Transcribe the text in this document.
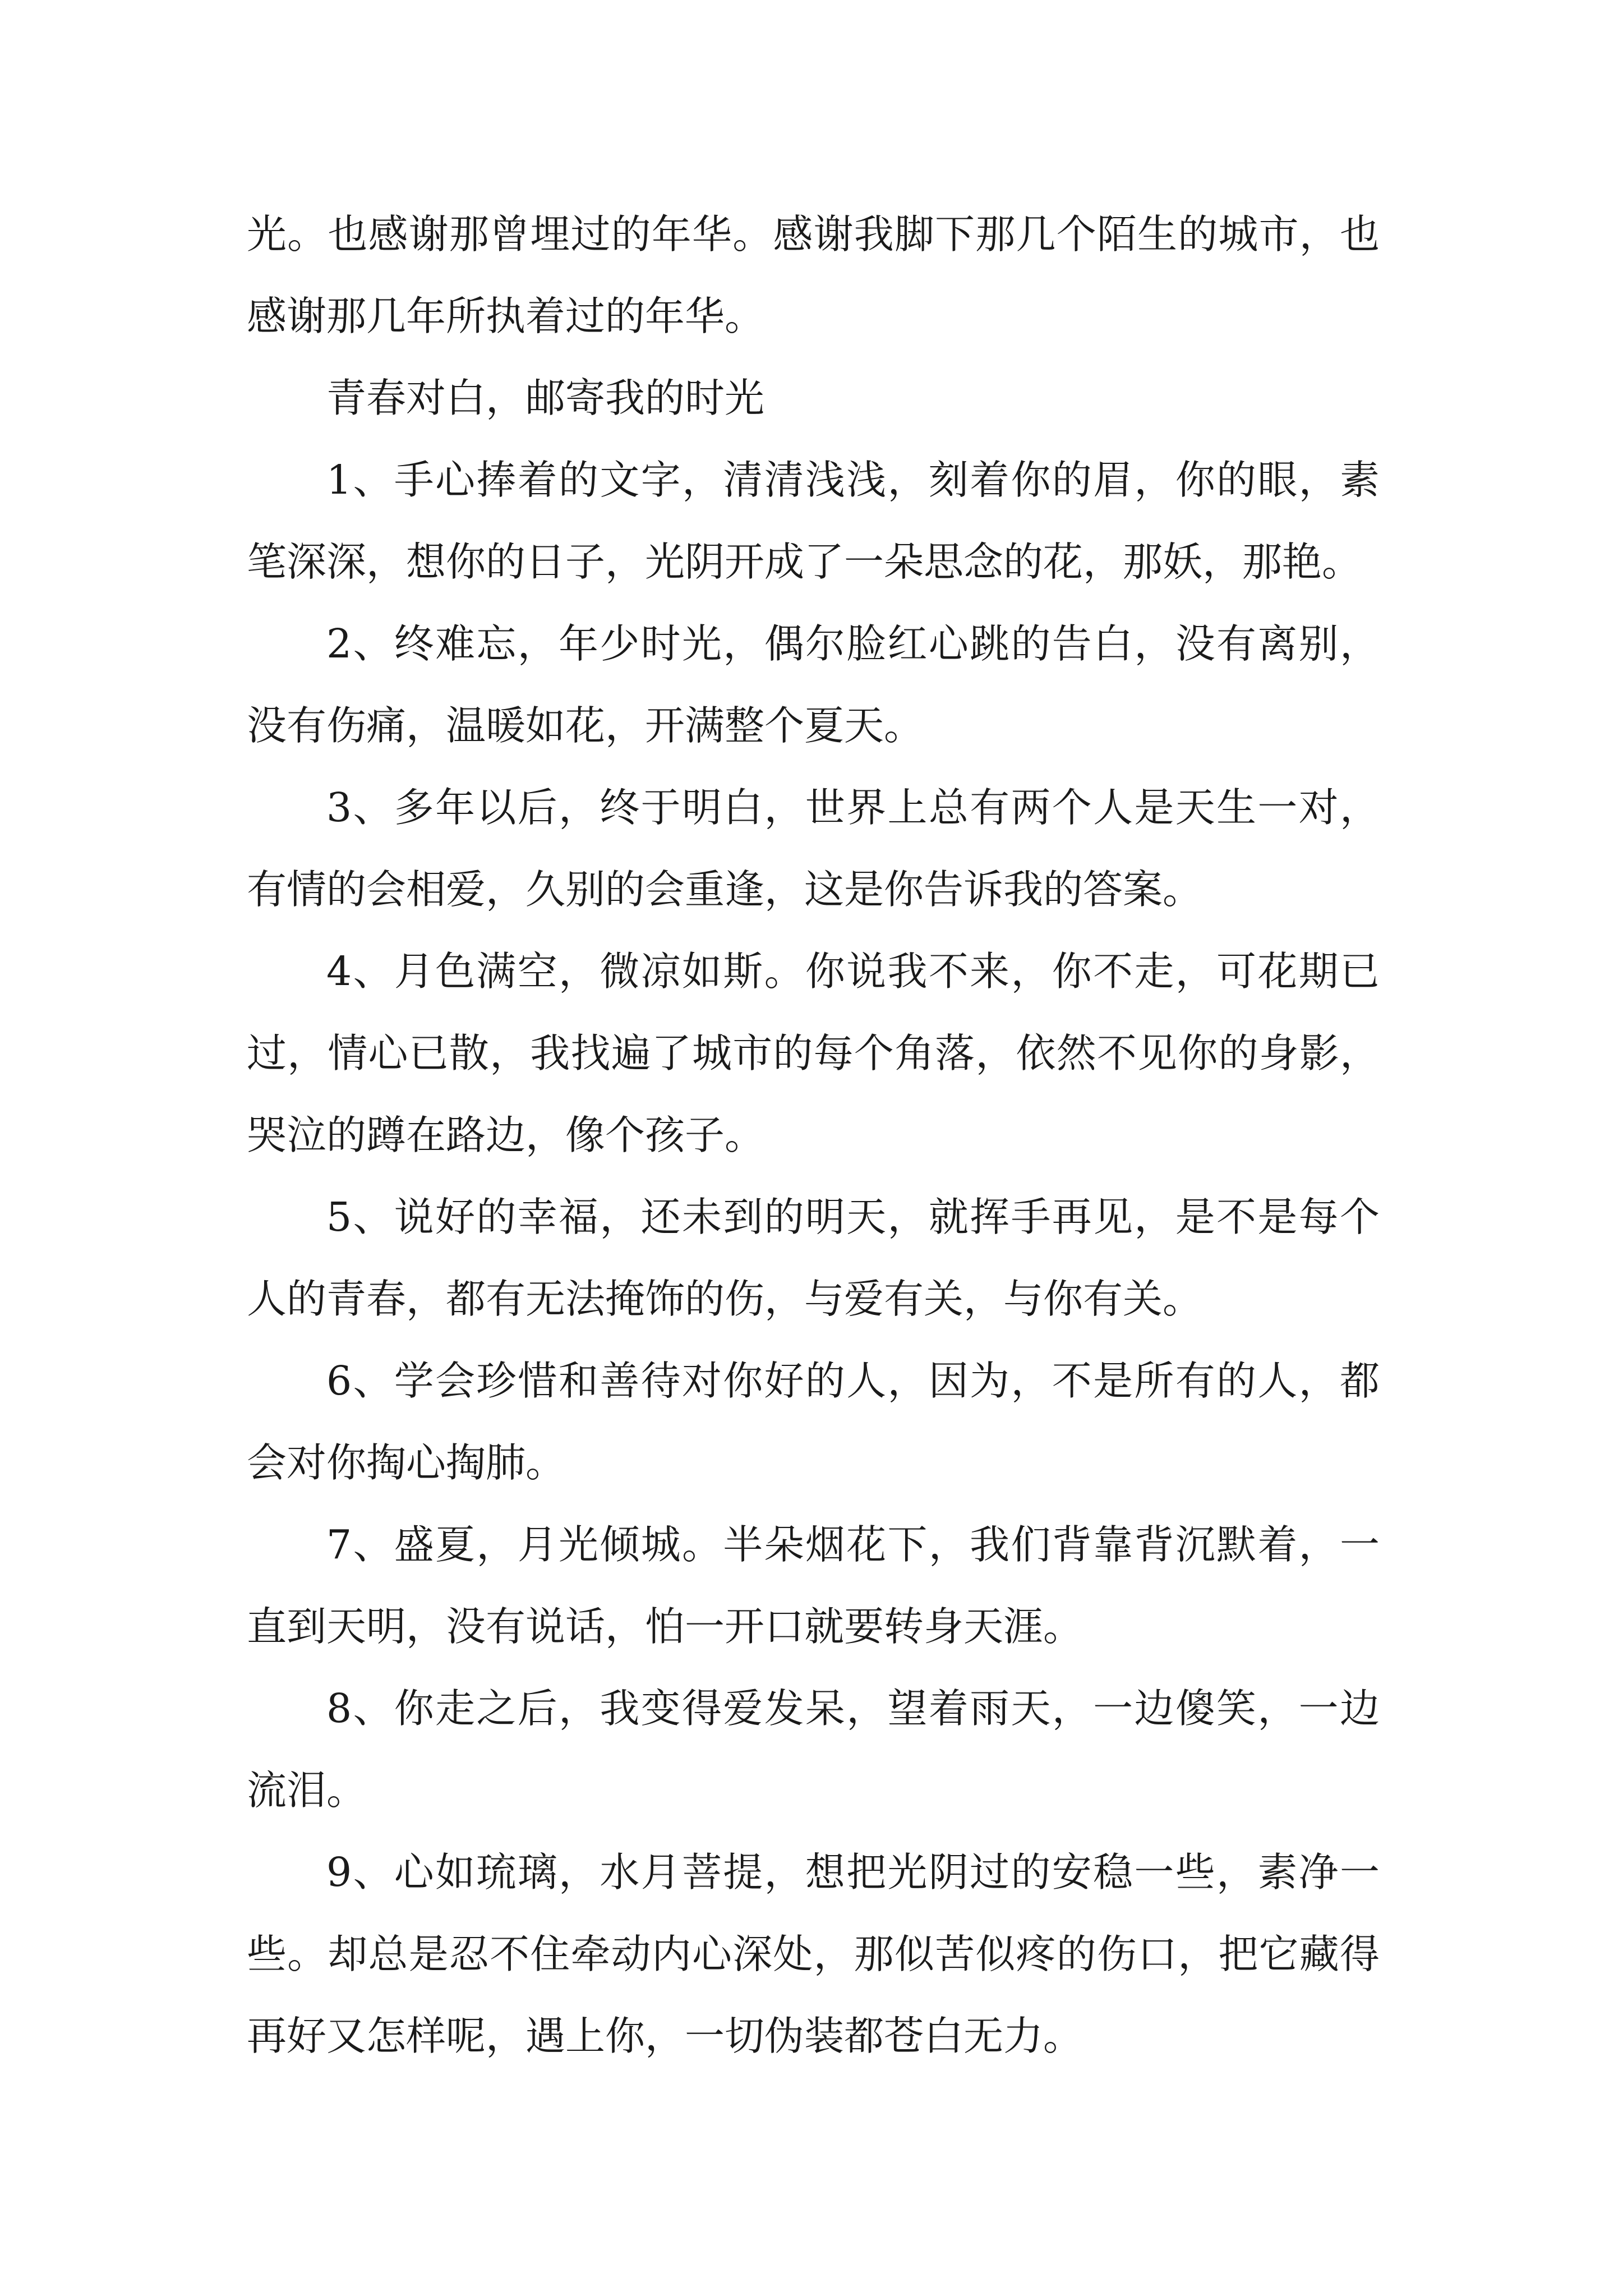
光。也感谢那曾埋过的年华。感谢我脚下那几个陌生的城市，也感谢那几年所执着过的年华。

青春对白，邮寄我的时光

1、手心捧着的文字，清清浅浅，刻着你的眉，你的眼，素笔深深，想你的日子，光阴开成了一朵思念的花，那妖，那艳。

2、终难忘，年少时光，偶尔脸红心跳的告白，没有离别，没有伤痛，温暖如花，开满整个夏天。

3、多年以后，终于明白，世界上总有两个人是天生一对，有情的会相爱，久别的会重逢，这是你告诉我的答案。

4、月色满空，微凉如斯。你说我不来，你不走，可花期已过，情心已散，我找遍了城市的每个角落，依然不见你的身影，哭泣的蹲在路边，像个孩子。

5、说好的幸福，还未到的明天，就挥手再见，是不是每个人的青春，都有无法掩饰的伤，与爱有关，与你有关。

6、学会珍惜和善待对你好的人，因为，不是所有的人，都会对你掏心掏肺。

7、盛夏，月光倾城。半朵烟花下，我们背靠背沉默着，一直到天明，没有说话，怕一开口就要转身天涯。

8、你走之后，我变得爱发呆，望着雨天，一边傻笑，一边流泪。

9、心如琉璃，水月菩提，想把光阴过的安稳一些，素净一些。却总是忍不住牵动内心深处，那似苦似疼的伤口，把它藏得再好又怎样呢，遇上你，一切伪装都苍白无力。
